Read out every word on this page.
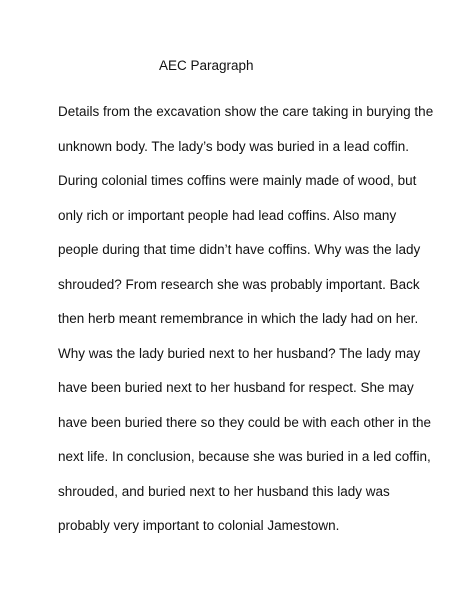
AEC Paragraph
Details from the excavation show the care taking in burying the
unknown body. The lady’s body was buried in a lead coffin.
During colonial times coffins were mainly made of wood, but
only rich or important people had lead coffins. Also many
people during that time didn’t have coffins. Why was the lady
shrouded? From research she was probably important. Back
then herb meant remembrance in which the lady had on her.
Why was the lady buried next to her husband? The lady may
have been buried next to her husband for respect. She may
have been buried there so they could be with each other in the
next life. In conclusion, because she was buried in a led coffin,
shrouded, and buried next to her husband this lady was
probably very important to colonial Jamestown.
